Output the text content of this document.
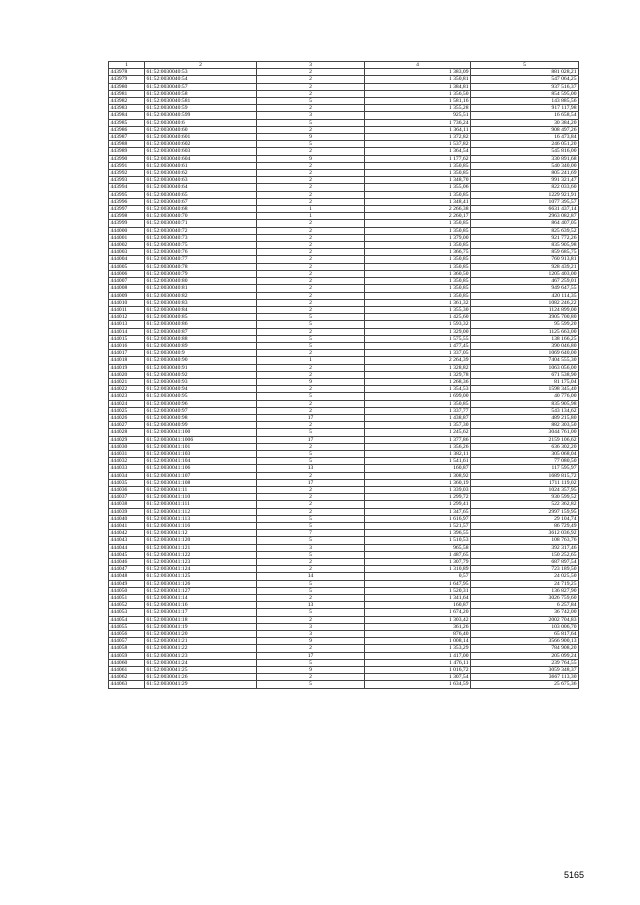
1	2	3	4	5
443978	61:52:0030040:53	2	1 383,09	881 028,21
443979	61:52:0030040:54	2	1 350,81	547 064,25
443980	61:52:0030040:57	2	1 384,81	937 516,37
443981	61:52:0030040:58	2	1 356,50	854 595,00
443982	61:52:0030040:581	5	1 581,16	143 885,56
443983	61:52:0030040:59	2	1 355,28	917 117,98
443984	61:52:0030040:599	3	925,51	16 658,54
443985	61:52:0030040:6	5	1 736,24	30 384,20
443986	61:52:0030040:60	2	1 364,11	908 497,26
443987	61:52:0030040:601	9	1 372,82	16 473,84
443988	61:52:0030040:602	5	1 537,82	246 051,20
443989	61:52:0030040:603	2	1 364,54	545 816,00
443990	61:52:0030040:604	9	1 177,62	330 891,68
443991	61:52:0030040:61	2	1 350,85	540 340,00
443992	61:52:0030040:62	2	1 350,85	805 241,69
443993	61:52:0030040:63	2	1 348,70	991 321,47
443994	61:52:0030040:64	2	1 355,06	822 033,60
443995	61:52:0030040:65	2	1 350,85	1229 921,91
443996	61:52:0030040:67	2	1 348,41	1077 395,57
443997	61:52:0030040:68	1	2 266,38	6631 437,14
443998	61:52:0030040:70	1	2 260,17	2963 082,87
443999	61:52:0030040:71	2	1 350,85	864 407,05
444000	61:52:0030040:72	2	1 350,85	825 639,52
444001	61:52:0030040:73	2	1 379,00	921 772,26
444002	61:52:0030040:75	2	1 350,85	835 905,98
444003	61:52:0030040:76	2	1 366,75	859 685,75
444004	61:52:0030040:77	2	1 350,85	760 913,81
444005	61:52:0030040:78	2	1 350,85	928 439,21
444006	61:52:0030040:79	2	1 360,50	1205 403,00
444007	61:52:0030040:80	2	1 350,85	467 259,01
444008	61:52:0030040:81	2	1 350,85	949 647,55
444009	61:52:0030040:82	2	1 350,85	420 114,35
444010	61:52:0030040:83	2	1 361,32	1082 246,22
444011	61:52:0030040:84	2	1 355,30	1124 899,00
444012	61:52:0030040:85	5	1 425,60	3905 700,80
444013	61:52:0030040:86	5	1 593,32	95 599,20
444014	61:52:0030040:87	2	1 329,00	1125 663,00
444015	61:52:0030040:88	5	1 575,55	138 166,25
444016	61:52:0030040:89	5	1 477,45	390 046,80
444017	61:52:0030040:9	2	1 337,05	1069 640,00
444018	61:52:0030040:90	1	2 264,39	7404 555,30
444019	61:52:0030040:91	2	1 328,82	1063 056,00
444020	61:52:0030040:92	2	1 329,78	671 538,90
444021	61:52:0030040:93	9	1 268,36	81 175,04
444022	61:52:0030040:94	2	1 354,53	1598 345,40
444023	61:52:0030040:95	5	1 699,00	40 776,00
444024	61:52:0030040:96	2	1 350,85	835 905,98
444025	61:52:0030040:97	2	1 337,77	543 134,62
444026	61:52:0030040:98	17	1 438,87	489 215,80
444027	61:52:0030040:99	2	1 357,30	882 303,50
444028	61:52:0030041:100	5	1 245,62	3044 761,00
444029	61:52:0030041:1006	17	1 377,86	2159 106,62
444030	61:52:0030041:101	2	1 356,26	636 302,20
444031	61:52:0030041:103	5	1 382,11	305 068,04
444032	61:52:0030041:104	5	1 541,61	77 080,50
444033	61:52:0030041:106	13	160,87	117 595,97
444034	61:52:0030041:107	2	1 308,92	1689 815,72
444035	61:52:0030041:108	17	1 360,19	1711 119,02
444036	61:52:0030041:11	2	1 339,03	1024 357,95
444037	61:52:0030041:110	2	1 299,72	930 599,52
444038	61:52:0030041:111	2	1 299,41	522 362,82
444039	61:52:0030041:112	2	1 347,65	2997 159,95
444040	61:52:0030041:113	5	1 616,97	29 104,74
444041	61:52:0030041:116	5	1 521,57	86 729,49
444042	61:52:0030041:12	7	1 396,55	3612 036,92
444043	61:52:0030041:120	5	1 510,53	108 763,76
444044	61:52:0030041:121	3	965,58	392 317,46
444045	61:52:0030041:122	5	1 487,65	150 252,65
444046	61:52:0030041:123	2	1 307,79	687 897,54
444047	61:52:0030041:124	2	1 310,89	723 189,50
444048	61:52:0030041:125	14	0,57	24 025,50
444049	61:52:0030041:126	5	1 647,95	24 719,25
444050	61:52:0030041:127	5	1 520,31	136 827,90
444051	61:52:0030041:14	2	1 341,64	3026 759,60
444052	61:52:0030041:16	13	160,87	6 257,84
444053	61:52:0030041:17	5	1 674,20	36 742,00
444054	61:52:0030041:18	2	1 303,42	2002 704,83
444055	61:52:0030041:19	3	361,26	103 006,70
444056	61:52:0030041:20	3	876,40	65 817,64
444057	61:52:0030041:21	9	1 008,14	3566 900,13
444058	61:52:0030041:22	2	1 353,29	784 908,20
444059	61:52:0030041:23	17	1 417,00	205 099,24
444060	61:52:0030041:24	5	1 476,11	239 764,55
444061	61:52:0030041:25	9	1 016,72	3059 348,37
444062	61:52:0030041:26	2	1 307,54	3667 113,30
444063	61:52:0030041:29	5	1 634,59	25 675,36
5165
